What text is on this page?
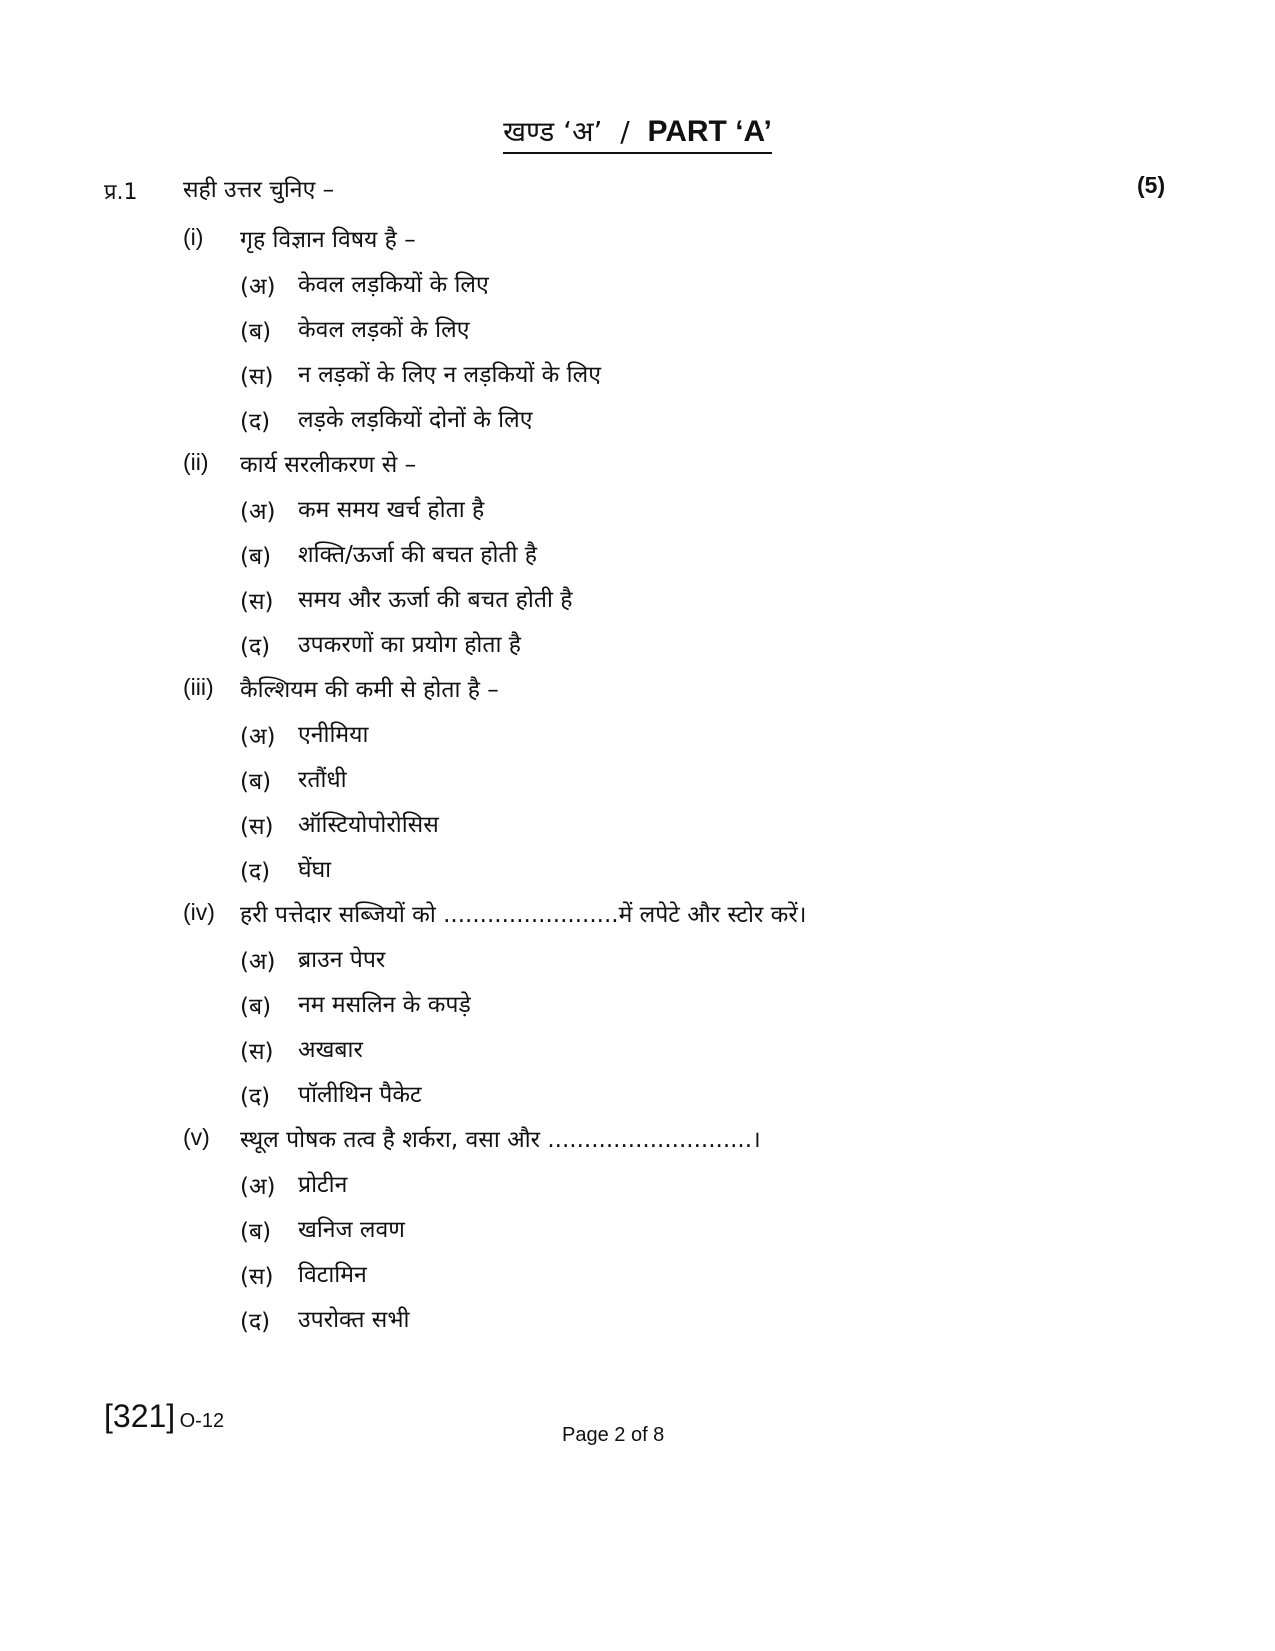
खण्ड ‘अ’ / PART ‘A’
प्र.1 सही उत्तर चुनिए –	(5)
(i) गृह विज्ञान विषय है –
(अ) केवल लड़कियों के लिए
(ब) केवल लड़कों के लिए
(स) न लड़कों के लिए न लड़कियों के लिए
(द) लड़के लड़कियों दोनों के लिए
(ii) कार्य सरलीकरण से –
(अ) कम समय खर्च होता है
(ब) शक्ति/ऊर्जा की बचत होती है
(स) समय और ऊर्जा की बचत होती है
(द) उपकरणों का प्रयोग होता है
(iii) कैल्शियम की कमी से होता है –
(अ) एनीमिया
(ब) रतौंधी
(स) ऑस्टियोपोरोसिस
(द) घेंघा
(iv) हरी पत्तेदार सब्जियों को ........................में लपेटे और स्टोर करें।
(अ) ब्राउन पेपर
(ब) नम मसलिन के कपड़े
(स) अखबार
(द) पॉलीथिन पैकेट
(v) स्थूल पोषक तत्व है शर्करा, वसा और ............................।
(अ) प्रोटीन
(ब) खनिज लवण
(स) विटामिन
(द) उपरोक्त सभी
[321] O-12
Page 2 of 8
